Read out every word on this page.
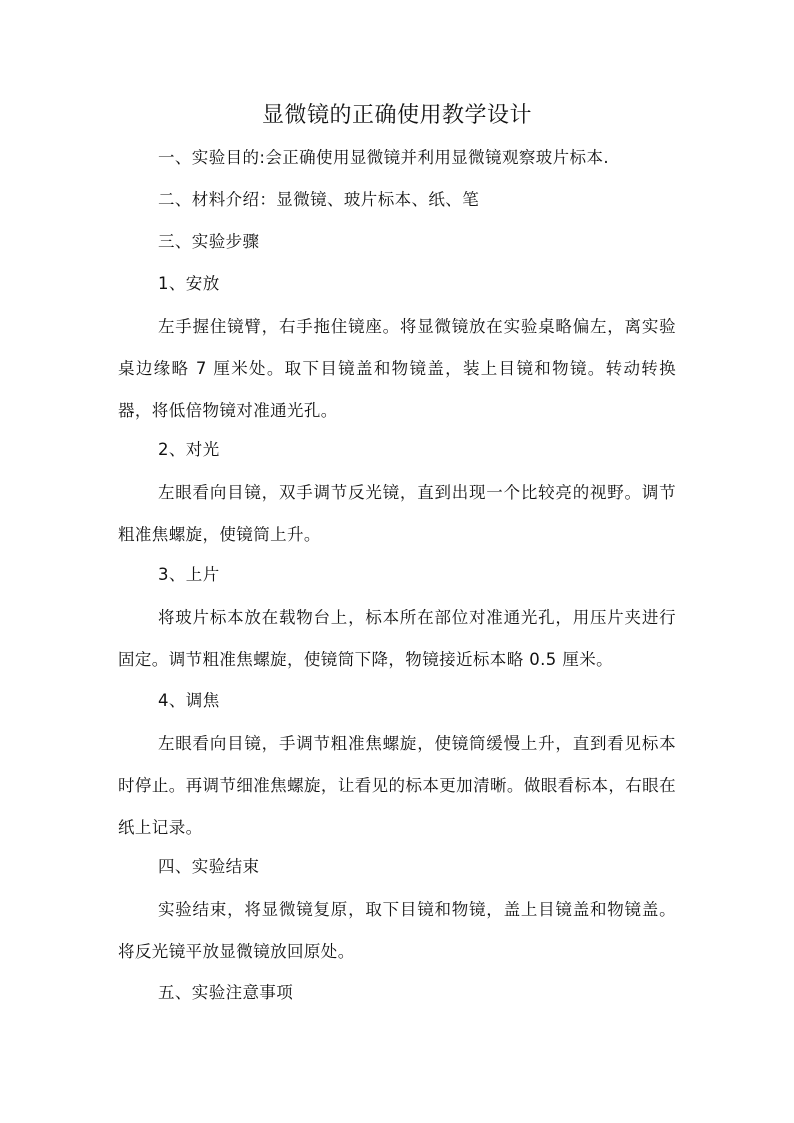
显微镜的正确使用教学设计
一、实验目的:会正确使用显微镜并利用显微镜观察玻片标本.
二、材料介绍：显微镜、玻片标本、纸、笔
三、实验步骤
1、安放

左手握住镜臂，右手拖住镜座。将显微镜放在实验桌略偏左，离实验桌边缘略 7 厘米处。取下目镜盖和物镜盖，装上目镜和物镜。转动转换器，将低倍物镜对准通光孔。

2、对光

左眼看向目镜，双手调节反光镜，直到出现一个比较亮的视野。调节粗准焦螺旋，使镜筒上升。

3、上片

将玻片标本放在载物台上，标本所在部位对准通光孔，用压片夹进行固定。调节粗准焦螺旋，使镜筒下降，物镜接近标本略 0.5 厘米。

4、调焦

左眼看向目镜，手调节粗准焦螺旋，使镜筒缓慢上升，直到看见标本时停止。再调节细准焦螺旋，让看见的标本更加清晰。做眼看标本，右眼在纸上记录。

四、实验结束

实验结束，将显微镜复原，取下目镜和物镜，盖上目镜盖和物镜盖。将反光镜平放显微镜放回原处。

五、实验注意事项
